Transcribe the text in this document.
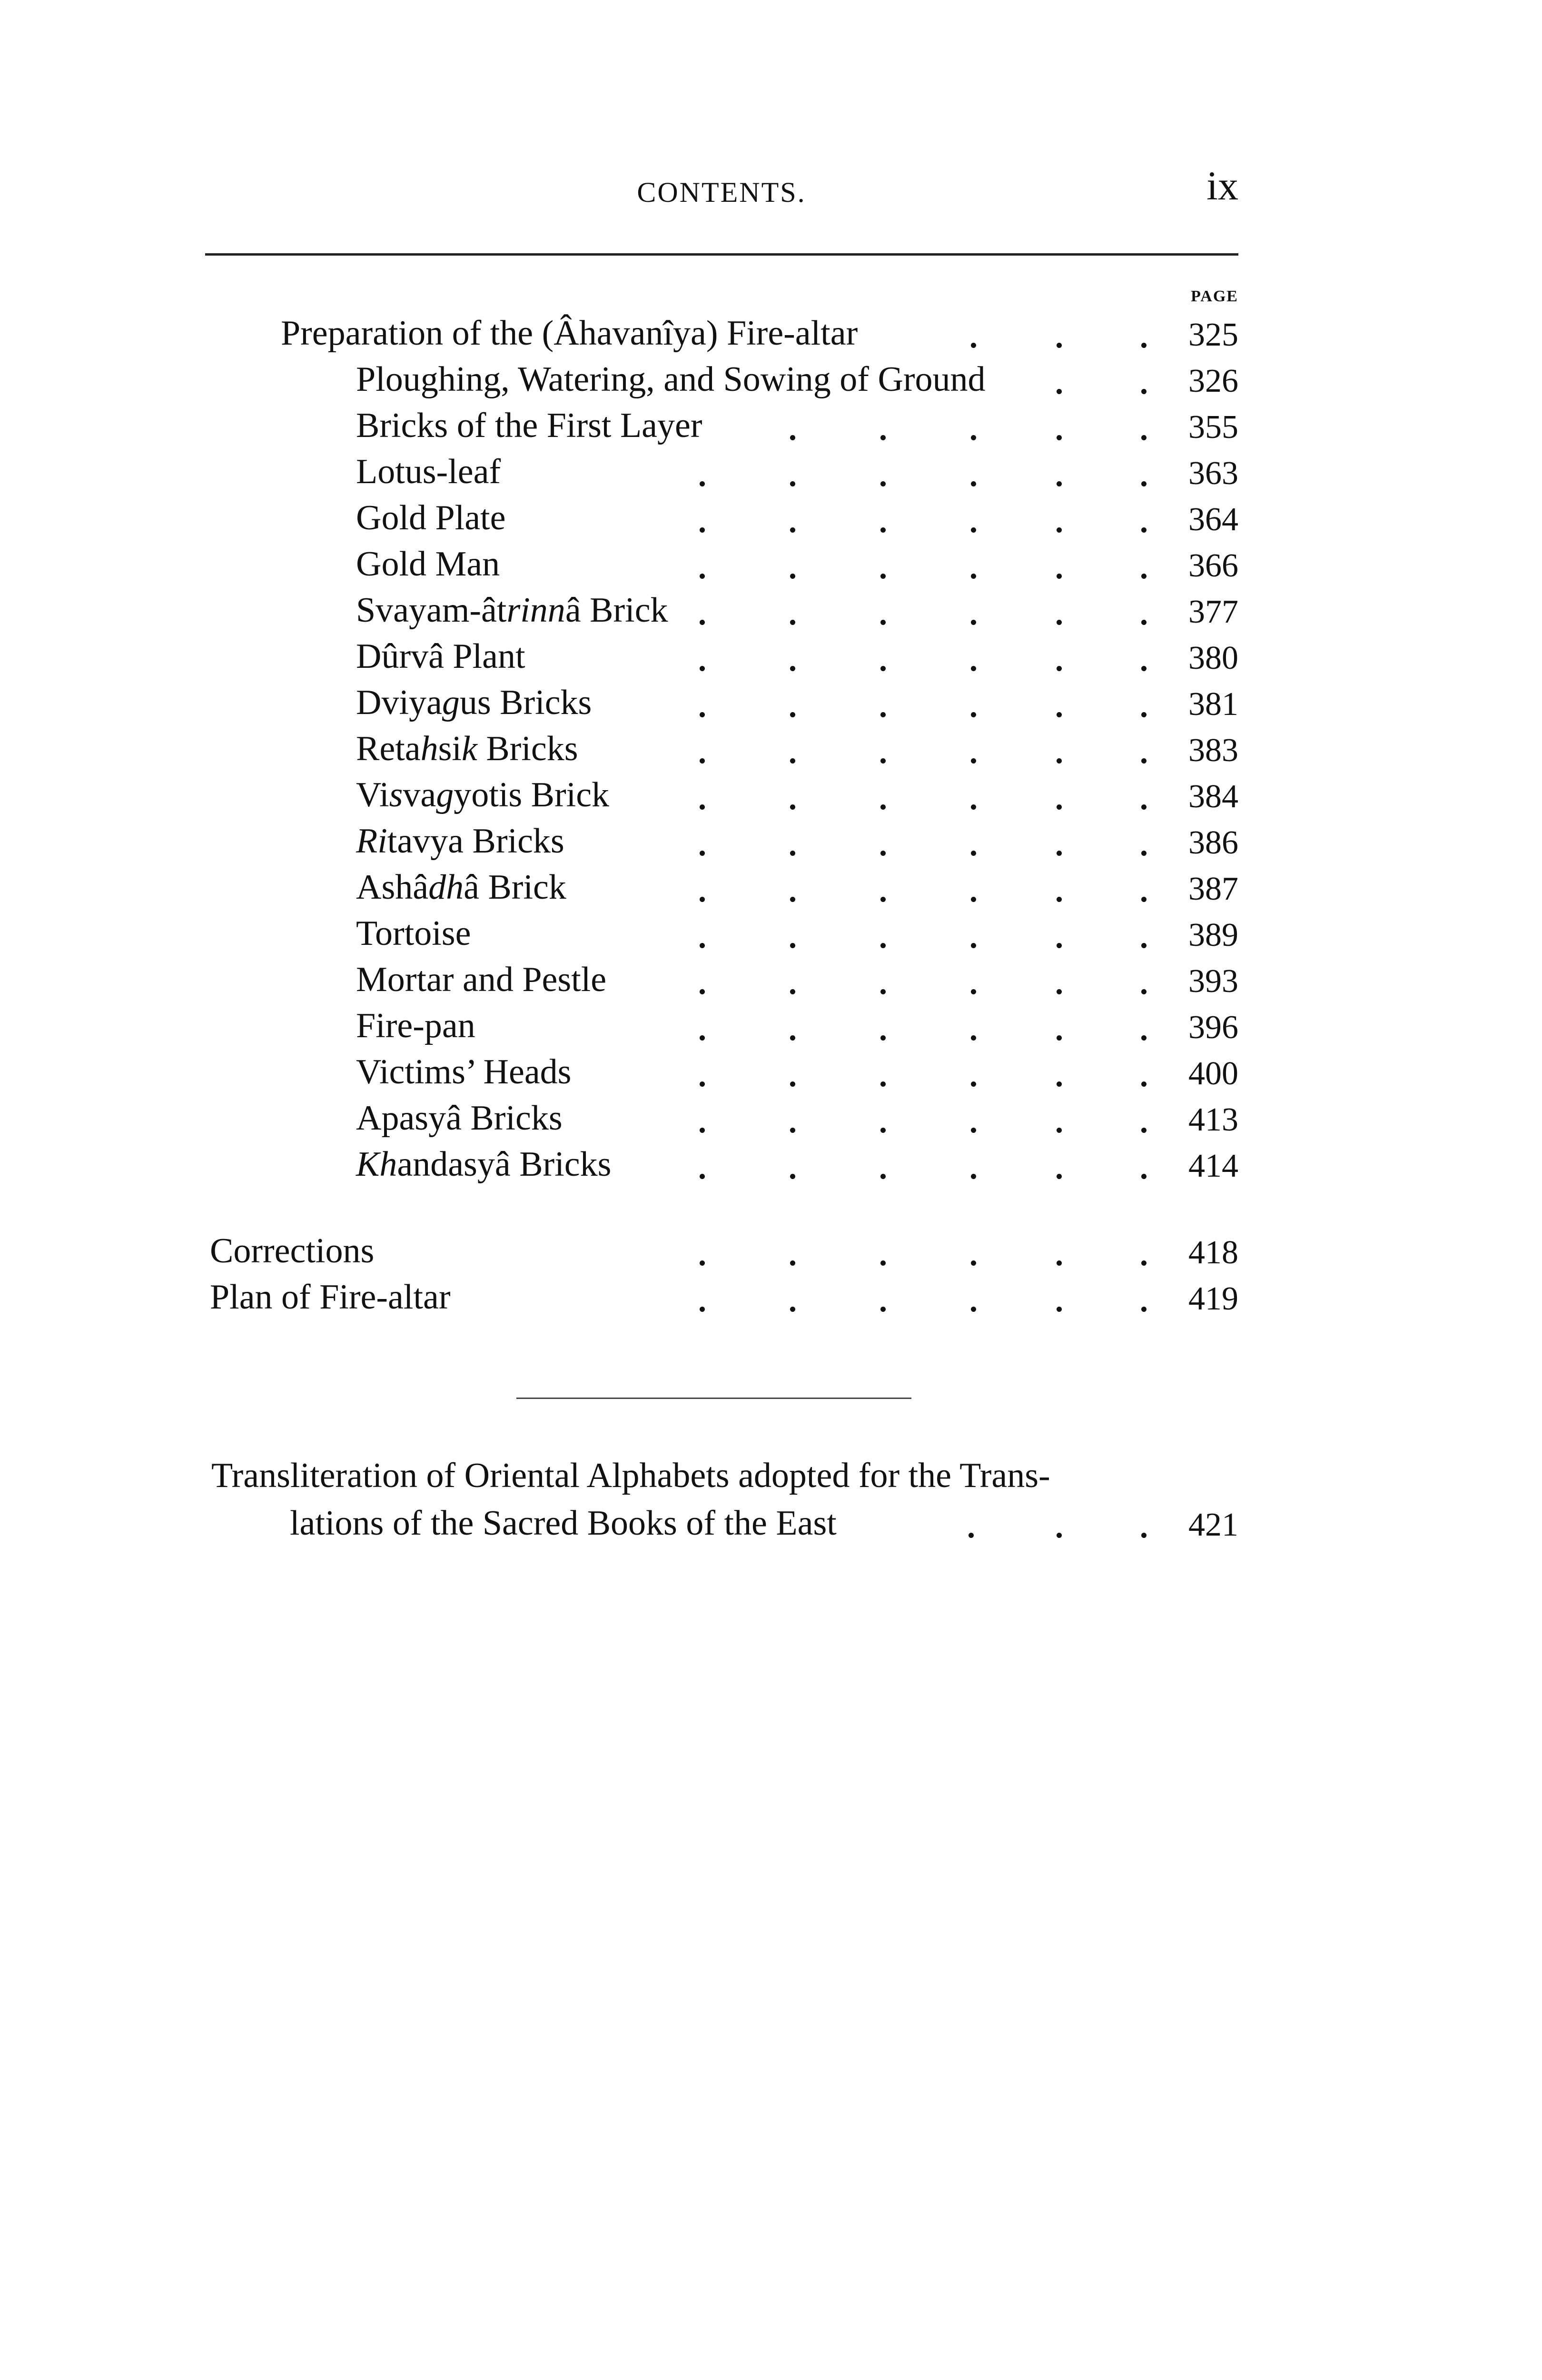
CONTENTS.	ix
PAGE
Preparation of the (Âhavanîya) Fire-altar	325
Ploughing, Watering, and Sowing of Ground	326
Bricks of the First Layer	355
Lotus-leaf	363
Gold Plate	364
Gold Man	366
Svayam-âtrinnâ Brick	377
Dûrvâ Plant	380
Dviyagus Bricks	381
Retahsik Bricks	383
Visvagyotis Brick	384
Ritavya Bricks	386
Ashâdhâ Brick	387
Tortoise	389
Mortar and Pestle	393
Fire-pan	396
Victims’ Heads	400
Apasyâ Bricks	413
Khandasyâ Bricks	414
Corrections	418
Plan of Fire-altar	419
Transliteration of Oriental Alphabets adopted for the Trans-
lations of the Sacred Books of the East	421
